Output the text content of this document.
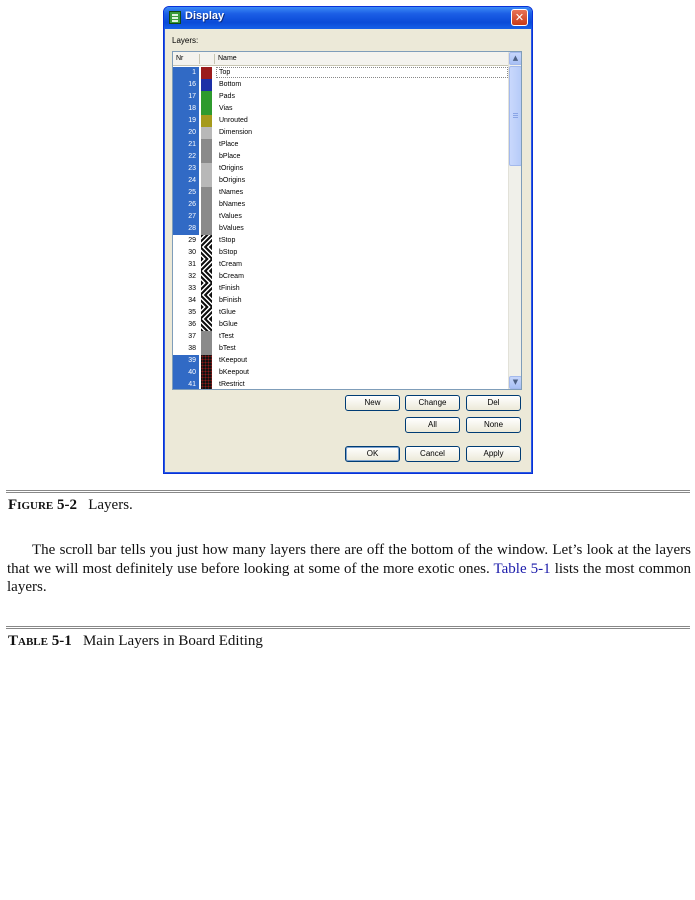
Display	✕
Layers:
Nr	Name
1	Top
16	Bottom
17	Pads
18	Vias
19	Unrouted
20	Dimension
21	tPlace
22	bPlace
23	tOrigins
24	bOrigins
25	tNames
26	bNames
27	tValues
28	bValues
29	tStop
30	bStop
31	tCream
32	bCream
33	tFinish
34	bFinish
35	tGlue
36	bGlue
37	tTest
38	bTest
39	tKeepout
40	bKeepout
41	tRestrict
▲
▼
New	Change	Del
All	None
OK	Cancel	Apply
Figure 5-2 Layers.

The scroll bar tells you just how many layers there are off the bottom of the window. Let’s look at the layers that we will most definitely use before looking at some of the more exotic ones. Table 5-1 lists the most common layers.

Table 5-1 Main Layers in Board Editing
